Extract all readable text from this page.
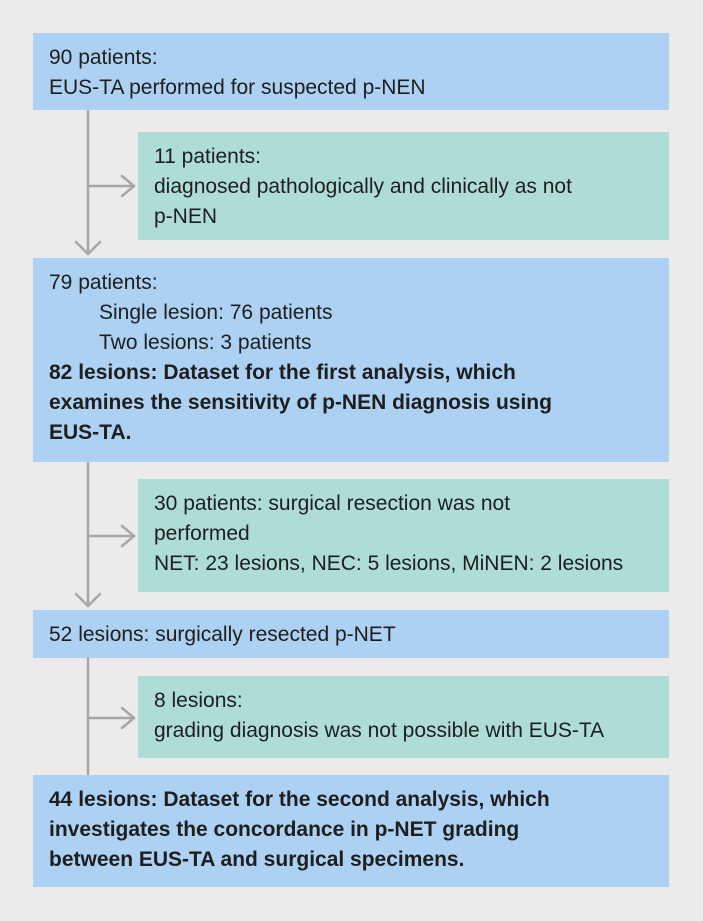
90 patients:
EUS-TA performed for suspected p-NEN
11 patients:
diagnosed pathologically and clinically as not
p-NEN
79 patients:
Single lesion: 76 patients
Two lesions: 3 patients
82 lesions: Dataset for the first analysis, which
examines the sensitivity of p-NEN diagnosis using
EUS-TA.
30 patients: surgical resection was not
performed
NET: 23 lesions, NEC: 5 lesions, MiNEN: 2 lesions
52 lesions: surgically resected p-NET
8 lesions:
grading diagnosis was not possible with EUS-TA
44 lesions: Dataset for the second analysis, which
investigates the concordance in p-NET grading
between EUS-TA and surgical specimens.
